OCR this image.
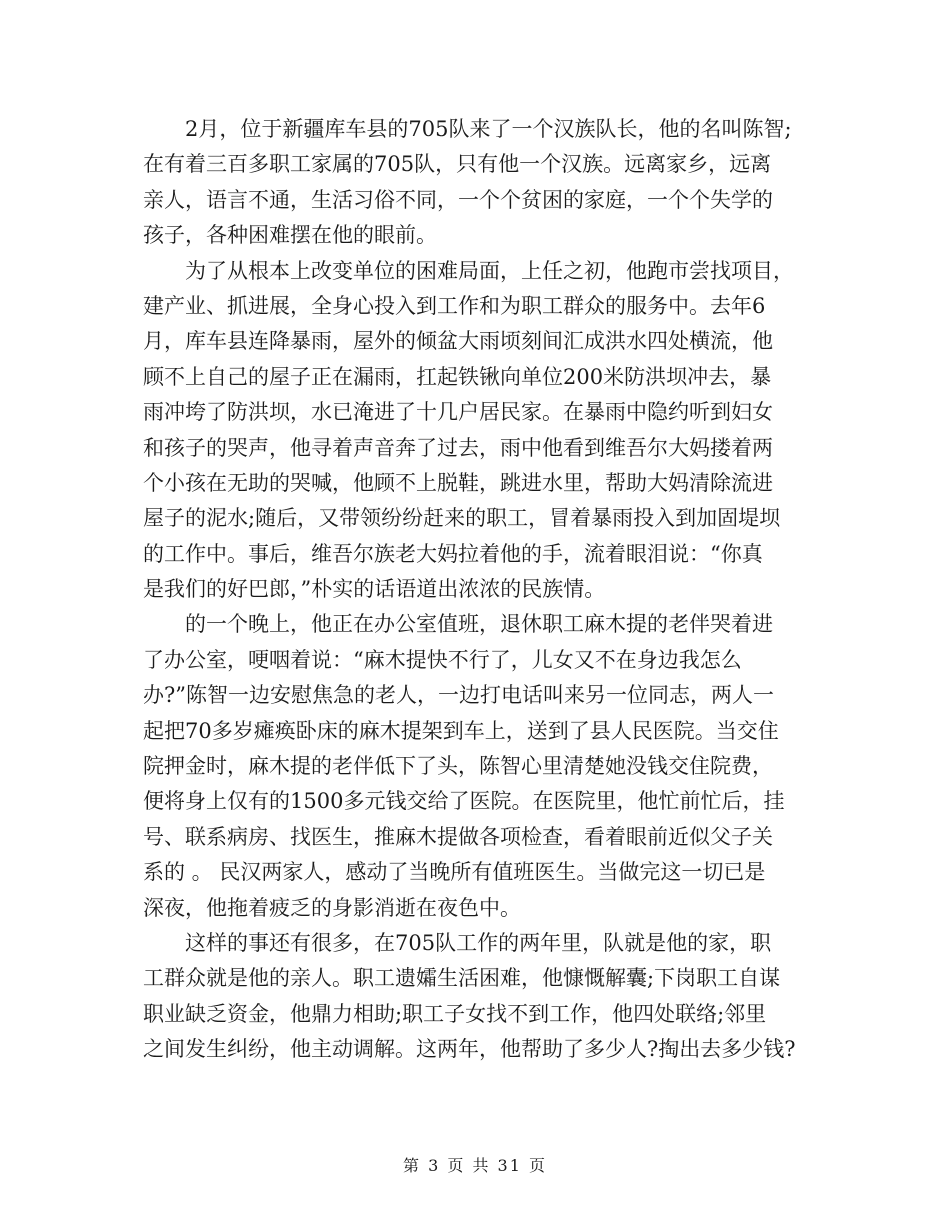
2月，位于新疆库车县的705队来了一个汉族队长，他的名叫陈智;
在有着三百多职工家属的705队，只有他一个汉族。远离家乡，远离
亲人，语言不通，生活习俗不同，一个个贫困的家庭，一个个失学的
孩子，各种困难摆在他的眼前。
为了从根本上改变单位的困难局面，上任之初，他跑市尝找项目，
建产业、抓进展，全身心投入到工作和为职工群众的服务中。去年6
月，库车县连降暴雨，屋外的倾盆大雨顷刻间汇成洪水四处横流，他
顾不上自己的屋子正在漏雨，扛起铁锹向单位200米防洪坝冲去，暴
雨冲垮了防洪坝，水已淹进了十几户居民家。在暴雨中隐约听到妇女
和孩子的哭声，他寻着声音奔了过去，雨中他看到维吾尔大妈搂着两
个小孩在无助的哭喊，他顾不上脱鞋，跳进水里，帮助大妈清除流进
屋子的泥水;随后，又带领纷纷赶来的职工，冒着暴雨投入到加固堤坝
的工作中。事后，维吾尔族老大妈拉着他的手，流着眼泪说：“你真
是我们的好巴郎，”朴实的话语道出浓浓的民族情。
的一个晚上，他正在办公室值班，退休职工麻木提的老伴哭着进
了办公室，哽咽着说：“麻木提快不行了，儿女又不在身边我怎么
办?”陈智一边安慰焦急的老人，一边打电话叫来另一位同志，两人一
起把70多岁瘫痪卧床的麻木提架到车上，送到了县人民医院。当交住
院押金时，麻木提的老伴低下了头，陈智心里清楚她没钱交住院费，
便将身上仅有的1500多元钱交给了医院。在医院里，他忙前忙后，挂
号、联系病房、找医生，推麻木提做各项检查，看着眼前近似父子关
系的 。 民汉两家人，感动了当晚所有值班医生。当做完这一切已是
深夜，他拖着疲乏的身影消逝在夜色中。
这样的事还有很多，在705队工作的两年里，队就是他的家，职
工群众就是他的亲人。职工遗孀生活困难，他慷慨解囊;下岗职工自谋
职业缺乏资金，他鼎力相助;职工子女找不到工作，他四处联络;邻里
之间发生纠纷，他主动调解。这两年，他帮助了多少人?掏出去多少钱?
第 3 页 共 31 页
